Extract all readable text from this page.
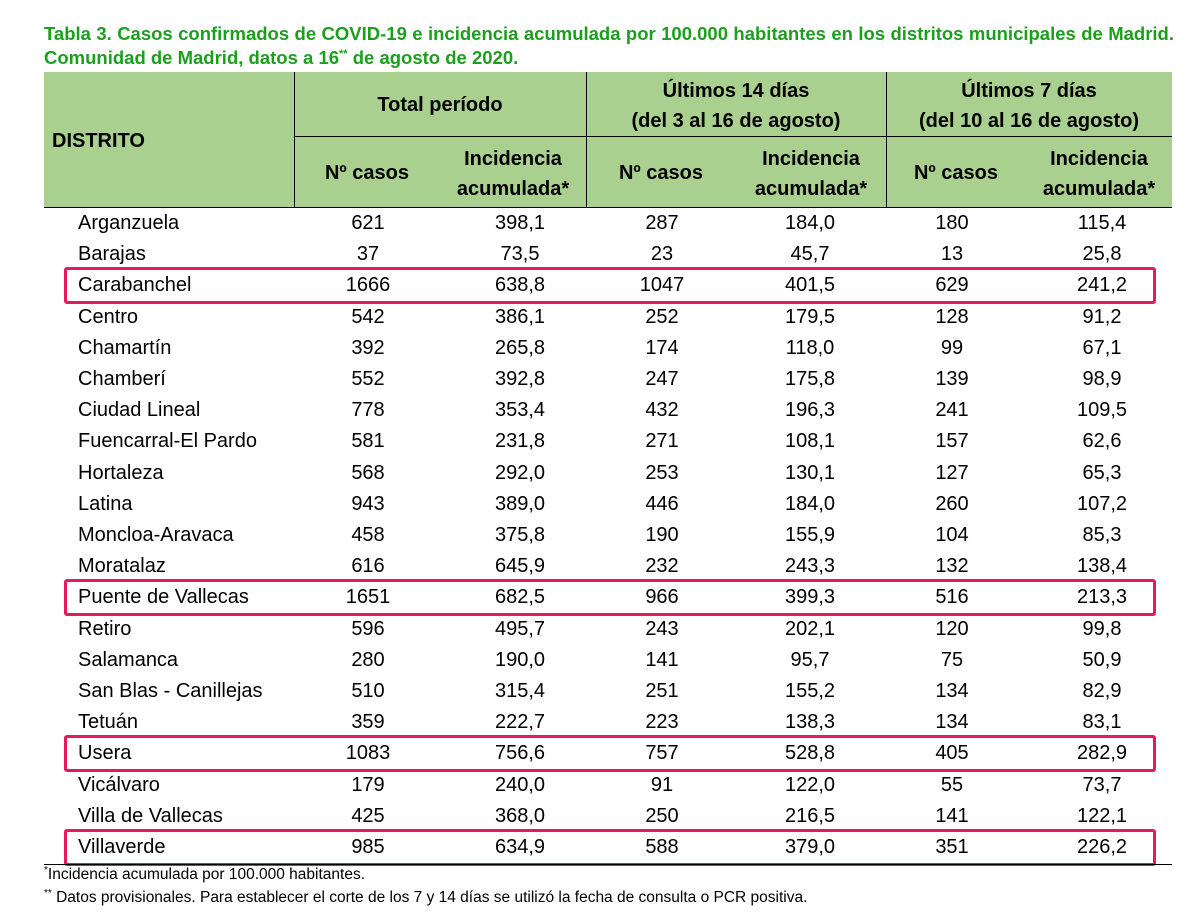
Tabla 3. Casos confirmados de COVID-19 e incidencia acumulada por 100.000 habitantes en los distritos municipales de Madrid. Comunidad de Madrid, datos a 16** de agosto de 2020.
DISTRITO
Total período
Últimos 14 días
(del 3 al 16 de agosto)
Últimos 7 días
(del 10 al 16 de agosto)
Nº casos
Incidencia
acumulada*
Nº casos
Incidencia
acumulada*
Nº casos
Incidencia
acumulada*
Arganzuela	621	398,1	287	184,0	180	115,4
Barajas	37	73,5	23	45,7	13	25,8
Carabanchel	1666	638,8	1047	401,5	629	241,2
Centro	542	386,1	252	179,5	128	91,2
Chamartín	392	265,8	174	118,0	99	67,1
Chamberí	552	392,8	247	175,8	139	98,9
Ciudad Lineal	778	353,4	432	196,3	241	109,5
Fuencarral-El Pardo	581	231,8	271	108,1	157	62,6
Hortaleza	568	292,0	253	130,1	127	65,3
Latina	943	389,0	446	184,0	260	107,2
Moncloa-Aravaca	458	375,8	190	155,9	104	85,3
Moratalaz	616	645,9	232	243,3	132	138,4
Puente de Vallecas	1651	682,5	966	399,3	516	213,3
Retiro	596	495,7	243	202,1	120	99,8
Salamanca	280	190,0	141	95,7	75	50,9
San Blas - Canillejas	510	315,4	251	155,2	134	82,9
Tetuán	359	222,7	223	138,3	134	83,1
Usera	1083	756,6	757	528,8	405	282,9
Vicálvaro	179	240,0	91	122,0	55	73,7
Villa de Vallecas	425	368,0	250	216,5	141	122,1
Villaverde	985	634,9	588	379,0	351	226,2
*Incidencia acumulada por 100.000 habitantes.
** Datos provisionales. Para establecer el corte de los 7 y 14 días se utilizó la fecha de consulta o PCR positiva.
